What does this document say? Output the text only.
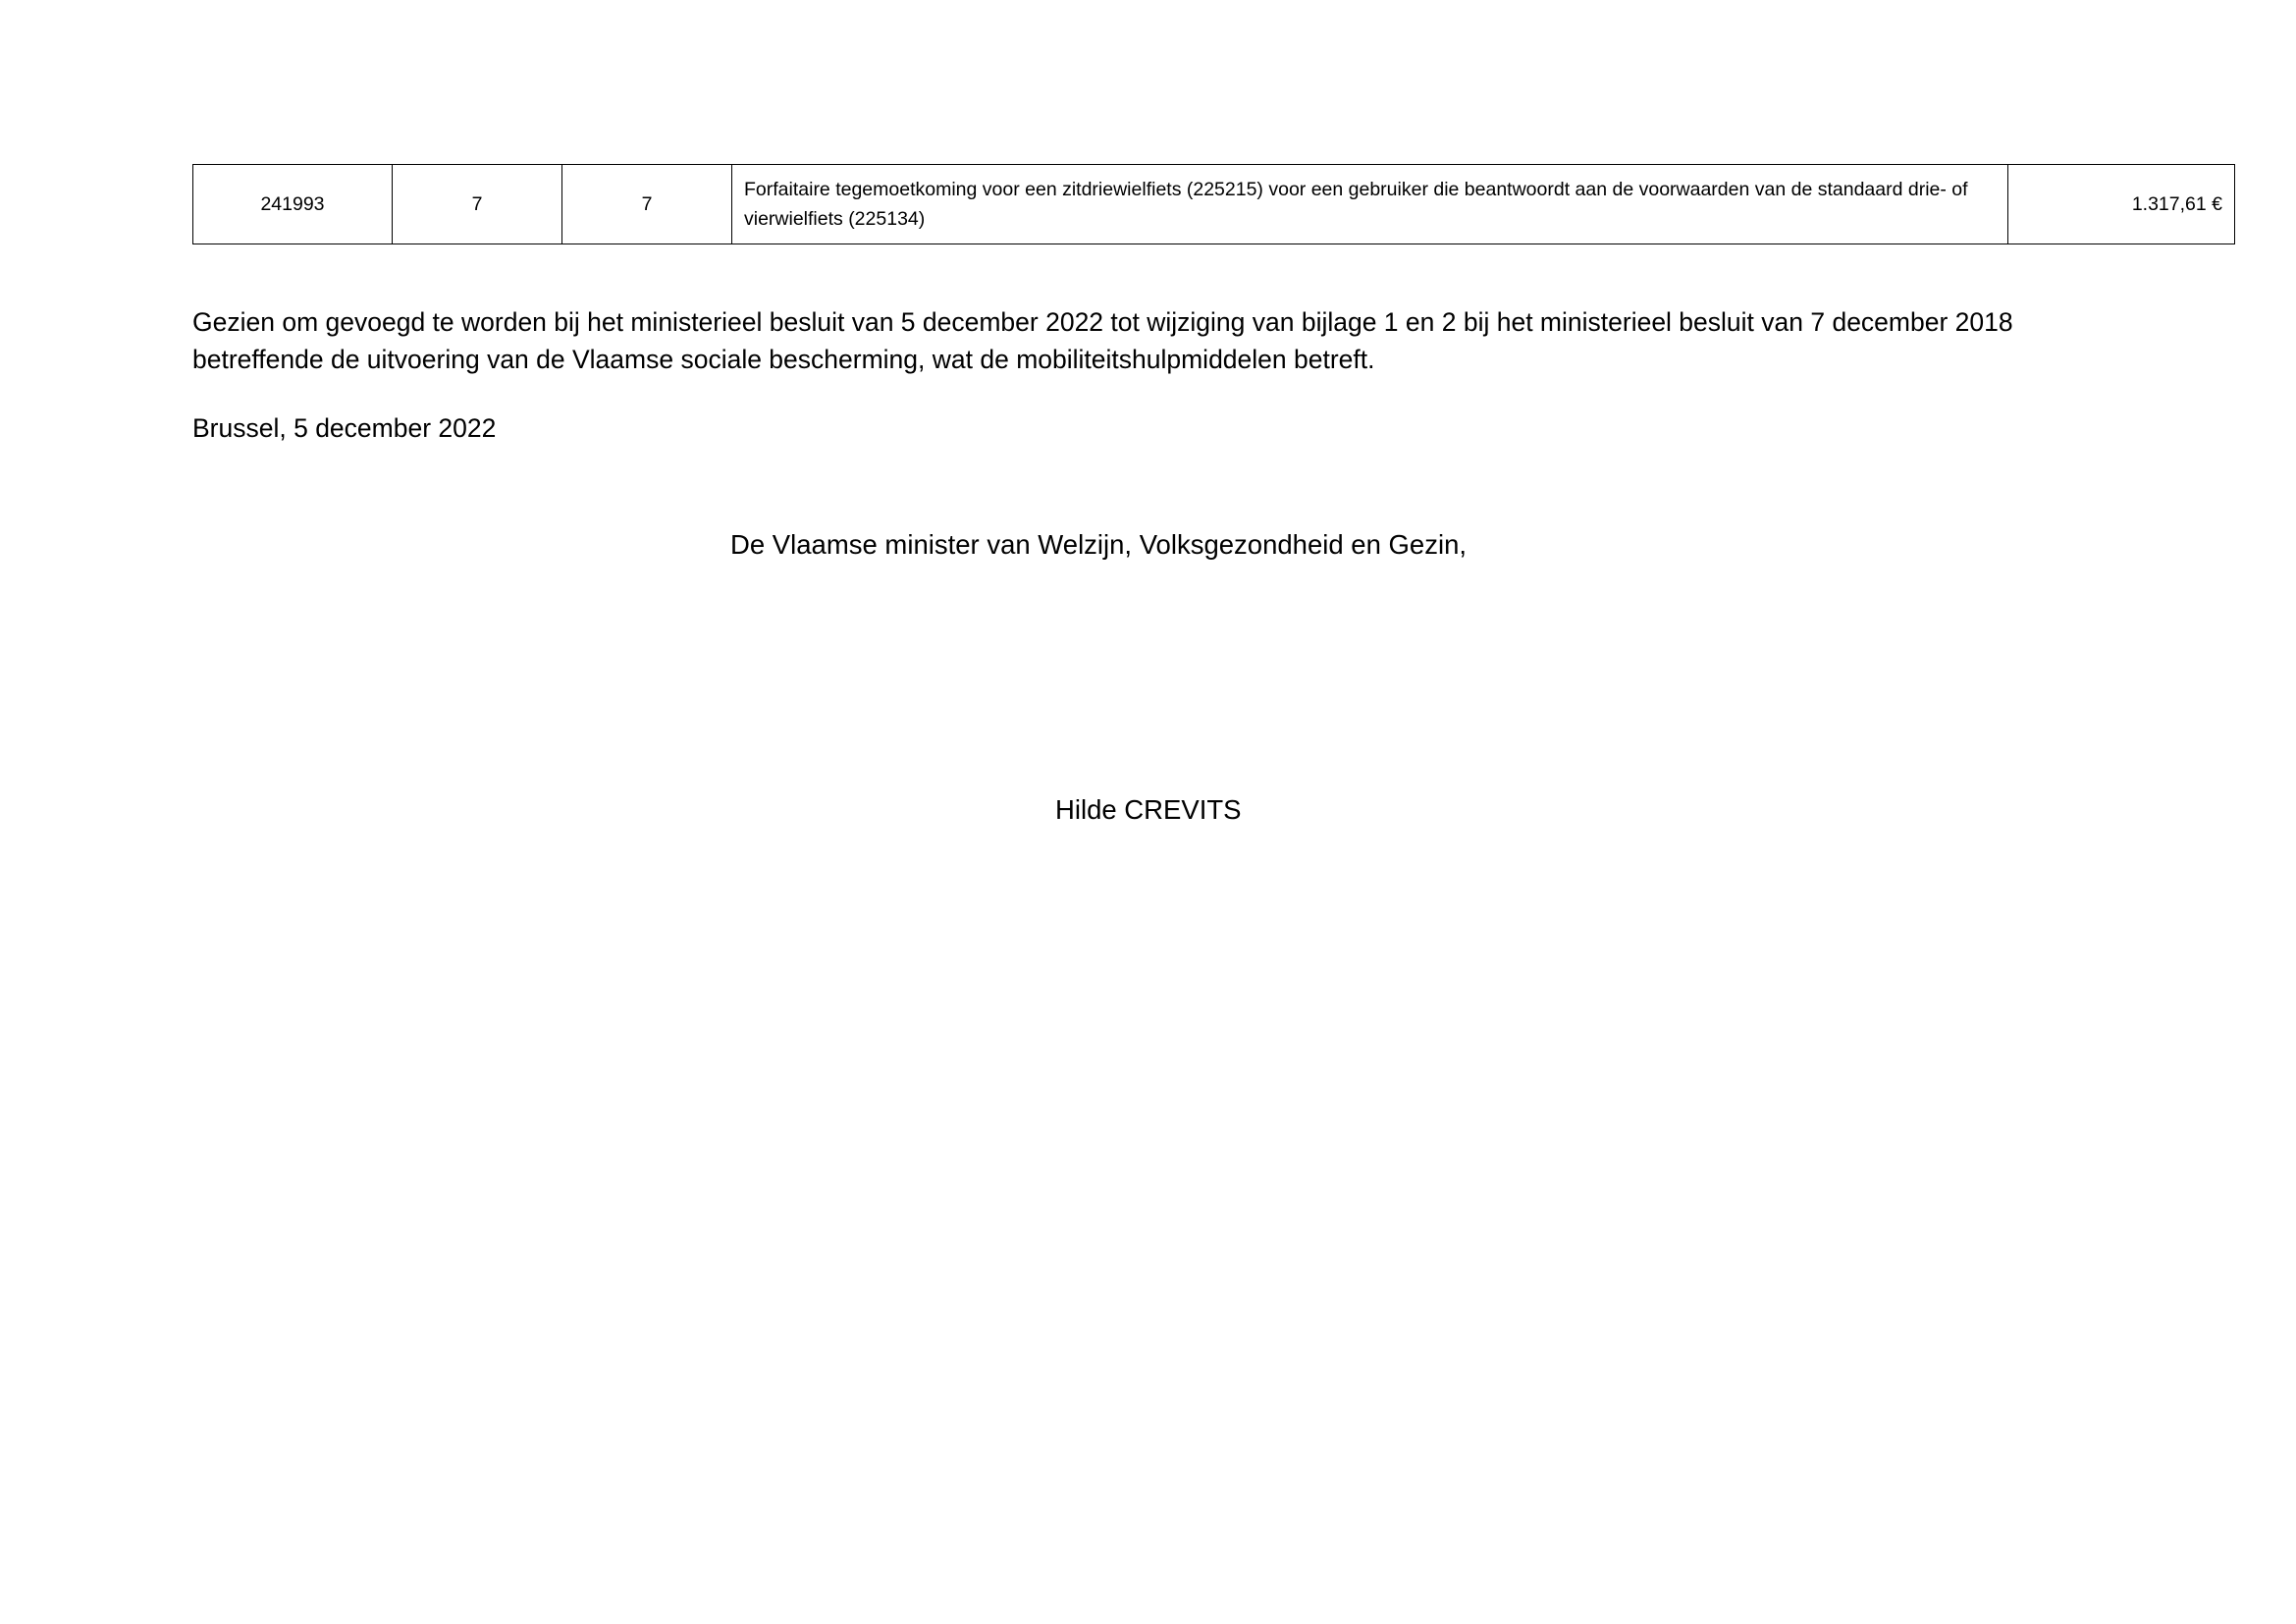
241993	7	7	Forfaitaire tegemoetkoming voor een zitdriewielfiets (225215) voor een gebruiker die beantwoordt aan de voorwaarden van de standaard drie- of vierwielfiets (225134)	1.317,61 €
Gezien om gevoegd te worden bij het ministerieel besluit van 5 december 2022 tot wijziging van bijlage 1 en 2 bij het ministerieel besluit van 7 december 2018 betreffende de uitvoering van de Vlaamse sociale bescherming, wat de mobiliteitshulpmiddelen betreft.
Brussel, 5 december 2022
De Vlaamse minister van Welzijn, Volksgezondheid en Gezin,
Hilde CREVITS
